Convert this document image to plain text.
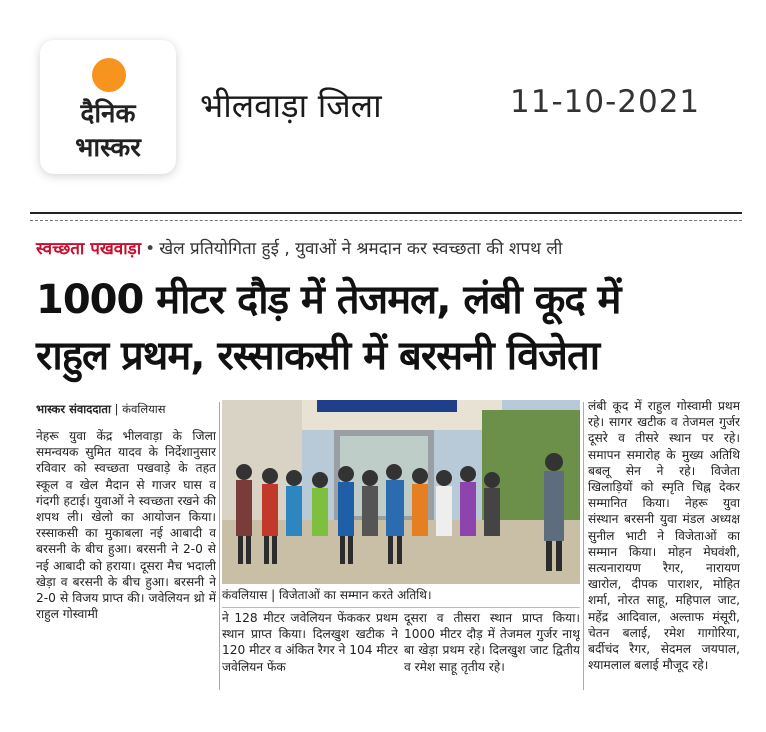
दैनिक
भास्कर
भीलवाड़ा जिला	11-10-2021
स्वच्छता पखवाड़ा • खेल प्रतियोगिता हुई , युवाओं ने श्रमदान कर स्वच्छता की शपथ ली
1000 मीटर दौड़ में तेजमल, लंबी कूद में
राहुल प्रथम, रस्साकसी में बरसनी विजेता
भास्कर संवाददाता | कंवलियास
नेहरू युवा केंद्र भीलवाड़ा के जिला समन्वयक सुमित यादव के निर्देशानुसार रविवार को स्वच्छता पखवाड़े के तहत स्कूल व खेल मैदान से गाजर घास व गंदगी हटाई। युवाओं ने स्वच्छता रखने की शपथ ली। खेलो का आयोजन किया। रस्साकसी का मुकाबला नई आबादी व बरसनी के बीच हुआ। बरसनी ने 2-0 से नई आबादी को हराया। दूसरा मैच भदाली खेड़ा व बरसनी के बीच हुआ। बरसनी ने 2-0 से विजय प्राप्त की। जवेलियन थ्रो में राहुल गोस्वामी
कंवलियास | विजेताओं का सम्मान करते अतिथि।
ने 128 मीटर जवेलियन फेंककर प्रथम स्थान प्राप्त किया। दिलखुश खटीक ने 120 मीटर व अंकित रैगर ने 104 मीटर जवेलियन फेंक
दूसरा व तीसरा स्थान प्राप्त किया। 1000 मीटर दौड़ में तेजमल गुर्जर नाथू बा खेड़ा प्रथम रहे। दिलखुश जाट द्वितीय व रमेश साहू तृतीय रहे।
लंबी कूद में राहुल गोस्वामी प्रथम रहे। सागर खटीक व तेजमल गुर्जर दूसरे व तीसरे स्थान पर रहे। समापन समारोह के मुख्य अतिथि बबलू सेन ने रहे। विजेता खिलाड़ियों को स्मृति चिह्न देकर सम्मानित किया। नेहरू युवा संस्थान बरसनी युवा मंडल अध्यक्ष सुनील भाटी ने विजेताओं का सम्मान किया। मोहन मेघवंशी, सत्यनारायण रैगर, नारायण खारोल, दीपक पाराशर, मोहित शर्मा, नोरत साहू, महिपाल जाट, महेंद्र आदिवाल, अल्ताफ मंसूरी, चेतन बलाई, रमेश गागोरिया, बर्दीचंद रैगर, सेदमल जयपाल, श्यामलाल बलाई मौजूद रहे।
